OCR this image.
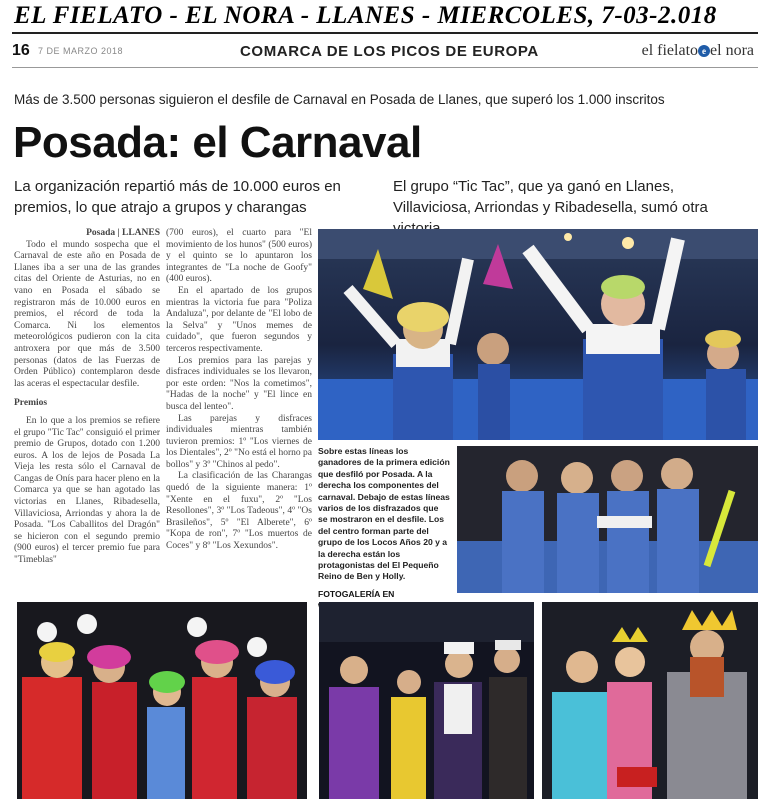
EL FIELATO - EL NORA - LLANES - MIERCOLES, 7-03-2.018
16 7 DE MARZO 2018	COMARCA DE LOS PICOS DE EUROPA	el fielato e el nora
Más de 3.500 personas siguieron el desfile de Carnaval en Posada de Llanes, que superó los 1.000 inscritos
Posada: el Carnaval
La organización repartió más de 10.000 euros en premios, lo que atrajo a grupos y charangas
El grupo “Tic Tac”, que ya ganó en Llanes, Villaviciosa, Arriondas y Ribadesella, sumó otra
Posada | LLANES

Todo el mundo sospecha que el Carnaval de este año en Posada de Llanes iba a ser una de las grandes citas del Oriente de Asturias, no en vano en Posada el sábado se registraron más de 10.000 euros en premios, el récord de toda la Comarca. Ni los elementos meteorológicos pudieron con la cita antroxera por que más de 3.500 personas (datos de las Fuerzas de Orden Público) contemplaron desde las aceras el espectacular desfile.

Premios

En lo que a los premios se refiere el grupo "Tic Tac" consiguió el primer premio de Grupos, dotado con 1.200 euros. A los de lejos de Posada La Vieja les resta sólo el Carnaval de Cangas de Onís para hacer pleno en la Comarca ya que se han agotado las victorias en Llanes, Ribadesella, Villaviciosa, Arriondas y ahora la de Posada. "Los Caballitos del Dragón" se hicieron con el segundo premio (900 euros) el tercer premio fue para "Timeblas"

(700 euros), el cuarto para "El movimiento de los hunos" (500 euros) y el quinto se lo apuntaron los integrantes de "La noche de Goofy" (400 euros).

En el apartado de los grupos mientras la victoria fue para "Poliza Andaluza", por delante de "El lobo de la Selva" y "Unos memes de cuidado", que fueron segundos y terceros respectivamente.

Los premios para las parejas y disfraces individuales se los llevaron, por este orden: "Nos la cometimos", "Hadas de la noche" y "El lince en busca del lenteo".

Las parejas y disfraces individuales mientras también tuvieron premios: 1º "Los viernes de los Dientales", 2º "No está el horno pa bollos" y 3º "Chinos al pedo".

La clasificación de las Charangas quedó de la siguiente manera: 1º "Xente en el fuxu", 2º "Los Resollones", 3º "Los Tadeous", 4º "Os Brasileños", 5º "El Alberete", 6º "Kopa de ron", 7º "Los muertos de Coces" y 8º "Los Xexundos".

Sobre estas líneas los ganadores de la primera edición que desfiló por Posada. A la derecha los componentes del carnaval. Debajo de estas líneas varios de los disfrazados que se mostraron en el desfile. Los del centro forman parte del grupo de los Locos Años 20 y a la derecha están los protagonistas del El Pequeño Reino de Ben y Holly.
FOTOGALERÍA EN
